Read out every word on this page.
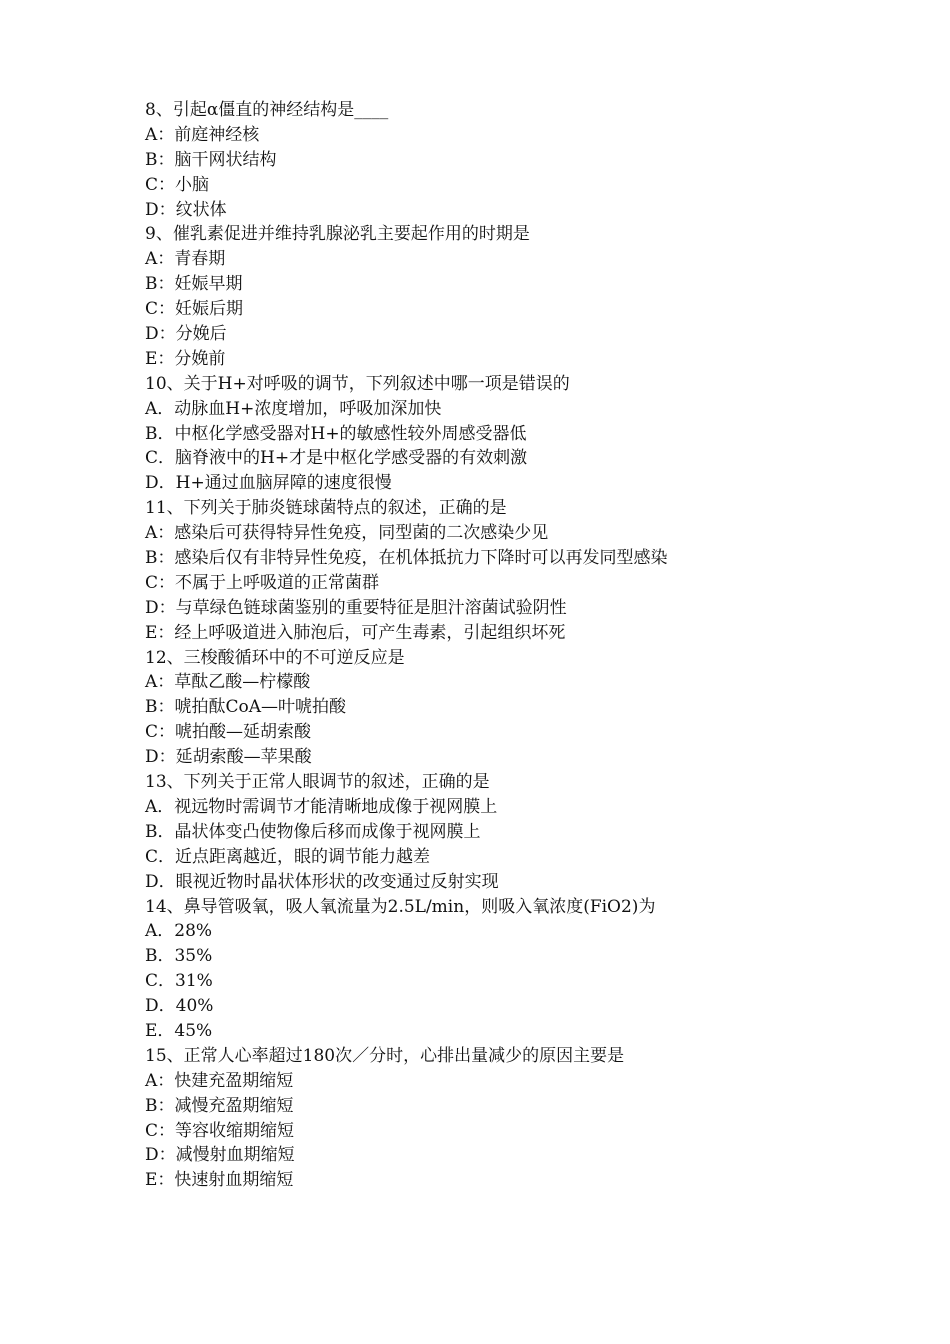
8、引起α僵直的神经结构是____
A：前庭神经核
B：脑干网状结构
C：小脑
D：纹状体
9、催乳素促进并维持乳腺泌乳主要起作用的时期是
A：青春期
B：妊娠早期
C：妊娠后期
D：分娩后
E：分娩前
10、关于H+对呼吸的调节，下列叙述中哪一项是错误的
A．动脉血H+浓度增加，呼吸加深加快
B．中枢化学感受器对H+的敏感性较外周感受器低
C．脑脊液中的H+才是中枢化学感受器的有效刺激
D．H+通过血脑屏障的速度很慢
11、下列关于肺炎链球菌特点的叙述，正确的是
A：感染后可获得特异性免疫，同型菌的二次感染少见
B：感染后仅有非特异性免疫，在机体抵抗力下降时可以再发同型感染
C：不属于上呼吸道的正常菌群
D：与草绿色链球菌鉴别的重要特征是胆汁溶菌试验阴性
E：经上呼吸道进入肺泡后，可产生毒素，引起组织坏死
12、三梭酸循环中的不可逆反应是
A：草酞乙酸—柠檬酸
B：唬拍酞CoA—叶唬拍酸
C：唬拍酸—延胡索酸
D：延胡索酸—苹果酸
13、下列关于正常人眼调节的叙述，正确的是
A．视远物时需调节才能清晰地成像于视网膜上
B．晶状体变凸使物像后移而成像于视网膜上
C．近点距离越近，眼的调节能力越差
D．眼视近物时晶状体形状的改变通过反射实现
14、鼻导管吸氧，吸人氧流量为2.5L/min，则吸入氧浓度(FiO2)为
A．28%
B．35%
C．31%
D．40%
E．45%
15、正常人心率超过180次／分时，心排出量减少的原因主要是
A：快建充盈期缩短
B：减慢充盈期缩短
C：等容收缩期缩短
D：减慢射血期缩短
E：快速射血期缩短
